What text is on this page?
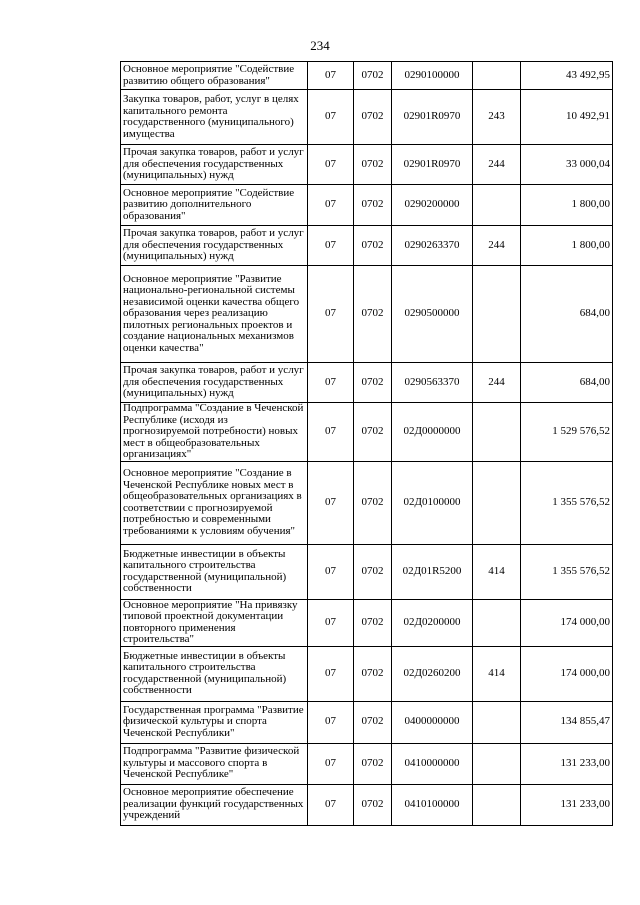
234
Основное мероприятие "Содействие развитию общего образования"	07	0702	0290100000		43 492,95
Закупка товаров, работ, услуг в целях капитального ремонта государственного (муниципального) имущества	07	0702	02901R0970	243	10 492,91
Прочая закупка товаров, работ и услуг для обеспечения государственных (муниципальных) нужд	07	0702	02901R0970	244	33 000,04
Основное мероприятие "Содействие развитию дополнительного образования"	07	0702	0290200000		1 800,00
Прочая закупка товаров, работ и услуг для обеспечения государственных (муниципальных) нужд	07	0702	0290263370	244	1 800,00
Основное мероприятие "Развитие национально-региональной системы независимой оценки качества общего образования через реализацию пилотных региональных проектов и создание национальных механизмов оценки качества"	07	0702	0290500000		684,00
Прочая закупка товаров, работ и услуг для обеспечения государственных (муниципальных) нужд	07	0702	0290563370	244	684,00
Подпрограмма "Создание в Чеченской Республике (исходя из прогнозируемой потребности) новых мест в общеобразовательных организациях"	07	0702	02Д0000000		1 529 576,52
Основное мероприятие "Создание в Чеченской Республике новых мест в общеобразовательных организациях в соответствии с прогнозируемой потребностью и современными требованиями к условиям обучения"	07	0702	02Д0100000		1 355 576,52
Бюджетные инвестиции в объекты капитального строительства государственной (муниципальной) собственности	07	0702	02Д01R5200	414	1 355 576,52
Основное мероприятие "На привязку типовой проектной документации повторного применения строительства"	07	0702	02Д0200000		174 000,00
Бюджетные инвестиции в объекты капитального строительства государственной (муниципальной) собственности	07	0702	02Д0260200	414	174 000,00
Государственная программа "Развитие физической культуры и спорта Чеченской Республики"	07	0702	0400000000		134 855,47
Подпрограмма "Развитие физической культуры и массового спорта в Чеченской Республике"	07	0702	0410000000		131 233,00
Основное мероприятие обеспечение реализации функций государственных учреждений	07	0702	0410100000		131 233,00
